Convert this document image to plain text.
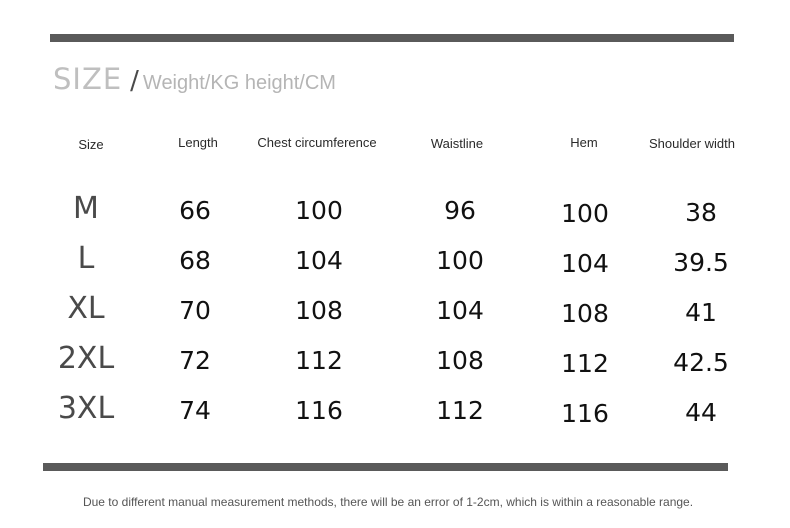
SIZE / Weight/KG height/CM
Size	Length	Chest circumference	Waistline	Hem	Shoulder width
M	66	100	96	100	38
L	68	104	100	104	39.5
XL	70	108	104	108	41
2XL	72	112	108	112	42.5
3XL	74	116	112	116	44
Due to different manual measurement methods, there will be an error of 1-2cm, which is within a reasonable range.
